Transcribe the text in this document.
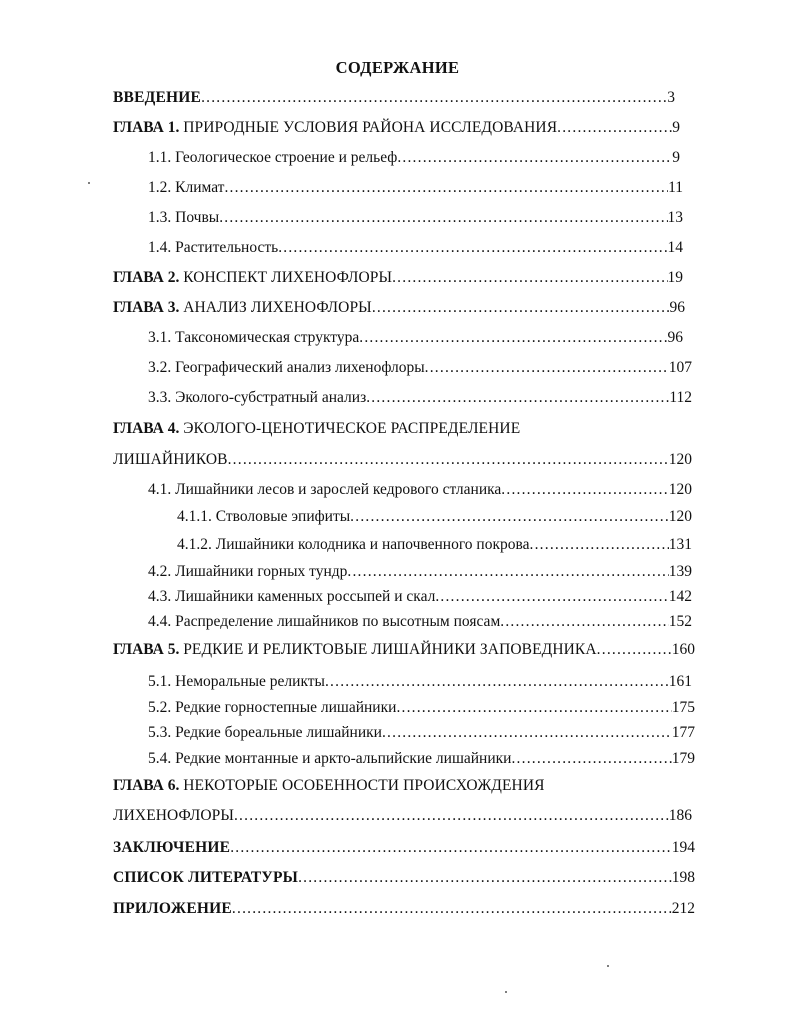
СОДЕРЖАНИЕ
ВВЕДЕНИЕ .....	3
ГЛАВА 1. ПРИРОДНЫЕ УСЛОВИЯ РАЙОНА ИССЛЕДОВАНИЯ .....	9
1.1. Геологическое строение и рельеф .....	9
1.2. Климат .....	11
1.3. Почвы .....	13
1.4. Растительность .....	14
ГЛАВА 2. КОНСПЕКТ ЛИХЕНОФЛОРЫ .....	19
ГЛАВА 3. АНАЛИЗ ЛИХЕНОФЛОРЫ .....	96
3.1. Таксономическая структура .....	96
3.2. Географический анализ лихенофлоры .....	107
3.3. Эколого-субстратный анализ .....	112
ГЛАВА 4. ЭКОЛОГО-ЦЕНОТИЧЕСКОЕ РАСПРЕДЕЛЕНИЕ
ЛИШАЙНИКОВ .....	120
4.1. Лишайники лесов и зарослей кедрового стланика .....	120
4.1.1. Стволовые эпифиты .....	120
4.1.2. Лишайники колодника и напочвенного покрова .....	131
4.2. Лишайники горных тундр .....	139
4.3. Лишайники каменных россыпей и скал .....	142
4.4. Распределение лишайников по высотным поясам .....	152
ГЛАВА 5. РЕДКИЕ И РЕЛИКТОВЫЕ ЛИШАЙНИКИ ЗАПОВЕДНИКА .....	160
5.1. Неморальные реликты .....	161
5.2. Редкие горностепные лишайники .....	175
5.3. Редкие бореальные лишайники .....	177
5.4. Редкие монтанные и аркто-альпийские лишайники .....	179
ГЛАВА 6. НЕКОТОРЫЕ ОСОБЕННОСТИ ПРОИСХОЖДЕНИЯ
ЛИХЕНОФЛОРЫ .....	186
ЗАКЛЮЧЕНИЕ .....	194
СПИСОК ЛИТЕРАТУРЫ .....	198
ПРИЛОЖЕНИЕ .....	212
